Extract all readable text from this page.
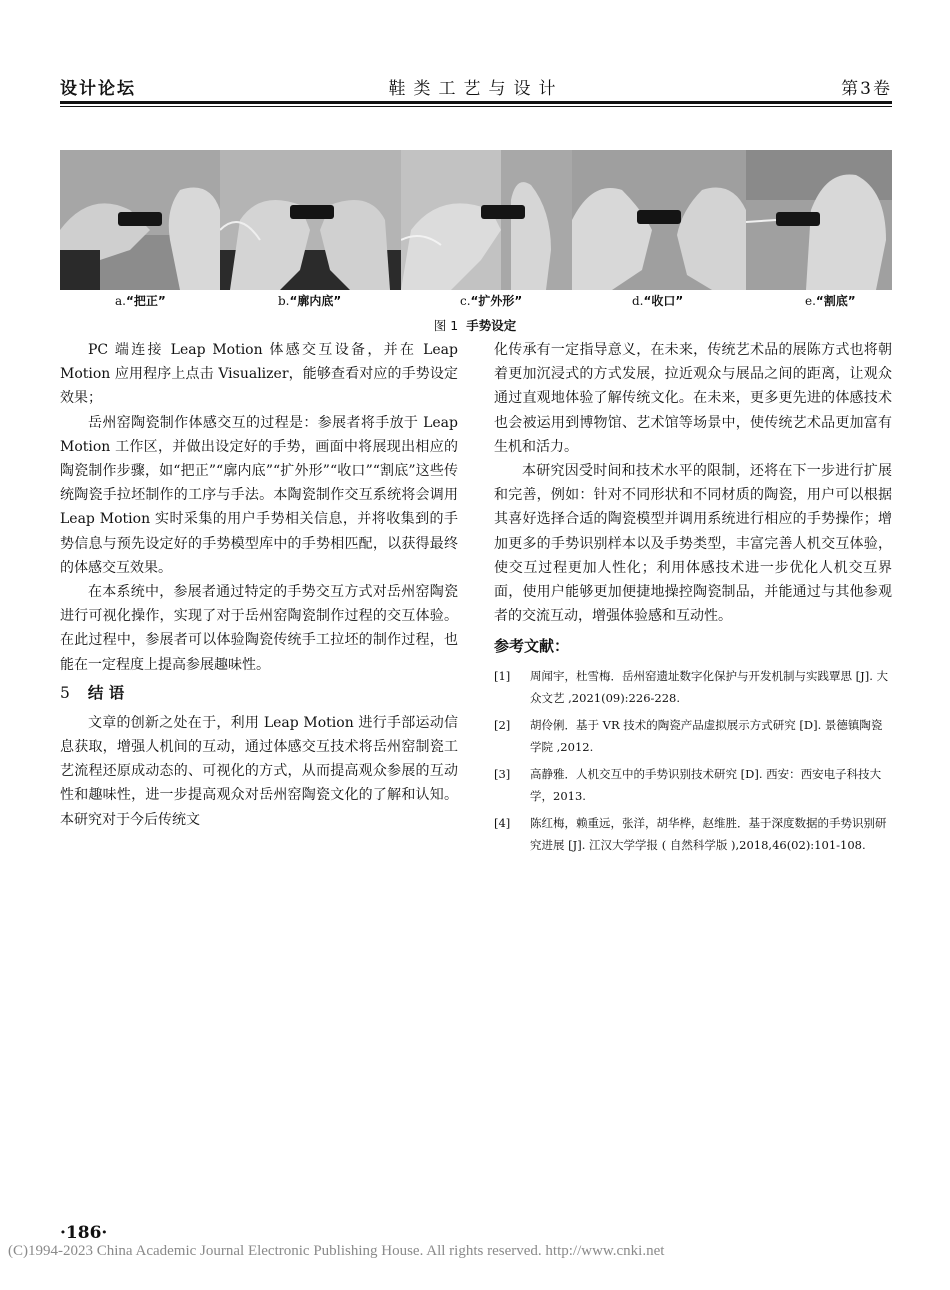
设计论坛	鞋类工艺与设计	第3卷
a.“把正”	b.“廓内底”	c.“扩外形”	d.“收口”	e.“割底”
图 1 手势设定

PC 端连接 Leap Motion 体感交互设备，并在 Leap Motion 应用程序上点击 Visualizer，能够查看对应的手势设定效果；

岳州窑陶瓷制作体感交互的过程是：参展者将手放于 Leap Motion 工作区，并做出设定好的手势，画面中将展现出相应的陶瓷制作步骤，如“把正”“廓内底”“扩外形”“收口”“割底”这些传统陶瓷手拉坯制作的工序与手法。本陶瓷制作交互系统将会调用 Leap Motion 实时采集的用户手势相关信息，并将收集到的手势信息与预先设定好的手势模型库中的手势相匹配，以获得最终的体感交互效果。

在本系统中，参展者通过特定的手势交互方式对岳州窑陶瓷进行可视化操作，实现了对于岳州窑陶瓷制作过程的交互体验。在此过程中，参展者可以体验陶瓷传统手工拉坯的制作过程，也能在一定程度上提高参展趣味性。

5 结 语

文章的创新之处在于，利用 Leap Motion 进行手部运动信息获取，增强人机间的互动，通过体感交互技术将岳州窑制瓷工艺流程还原成动态的、可视化的方式，从而提高观众参展的互动性和趣味性，进一步提高观众对岳州窑陶瓷文化的了解和认知。本研究对于今后传统文

化传承有一定指导意义，在未来，传统艺术品的展陈方式也将朝着更加沉浸式的方式发展，拉近观众与展品之间的距离，让观众通过直观地体验了解传统文化。在未来，更多更先进的体感技术也会被运用到博物馆、艺术馆等场景中，使传统艺术品更加富有生机和活力。

本研究因受时间和技术水平的限制，还将在下一步进行扩展和完善，例如：针对不同形状和不同材质的陶瓷，用户可以根据其喜好选择合适的陶瓷模型并调用系统进行相应的手势操作；增加更多的手势识别样本以及手势类型，丰富完善人机交互体验，使交互过程更加人性化；利用体感技术进一步优化人机交互界面，使用户能够更加便捷地操控陶瓷制品，并能通过与其他参观者的交流互动，增强体验感和互动性。

参考文献：
[1] 周闻宇，杜雪梅．岳州窑遗址数字化保护与开发机制与实践覃思 [J]. 大众文艺 ,2021(09):226-228.
[2] 胡伶俐．基于 VR 技术的陶瓷产品虚拟展示方式研究 [D]. 景德镇陶瓷学院 ,2012.
[3] 高静雅．人机交互中的手势识别技术研究 [D]. 西安：西安电子科技大学，2013.
[4] 陈红梅，赖重远，张洋，胡华桦，赵维胜．基于深度数据的手势识别研究进展 [J]. 江汉大学学报 ( 自然科学版 ),2018,46(02):101-108.
·186·
(C)1994-2023 China Academic Journal Electronic Publishing House. All rights reserved. http://www.cnki.net
